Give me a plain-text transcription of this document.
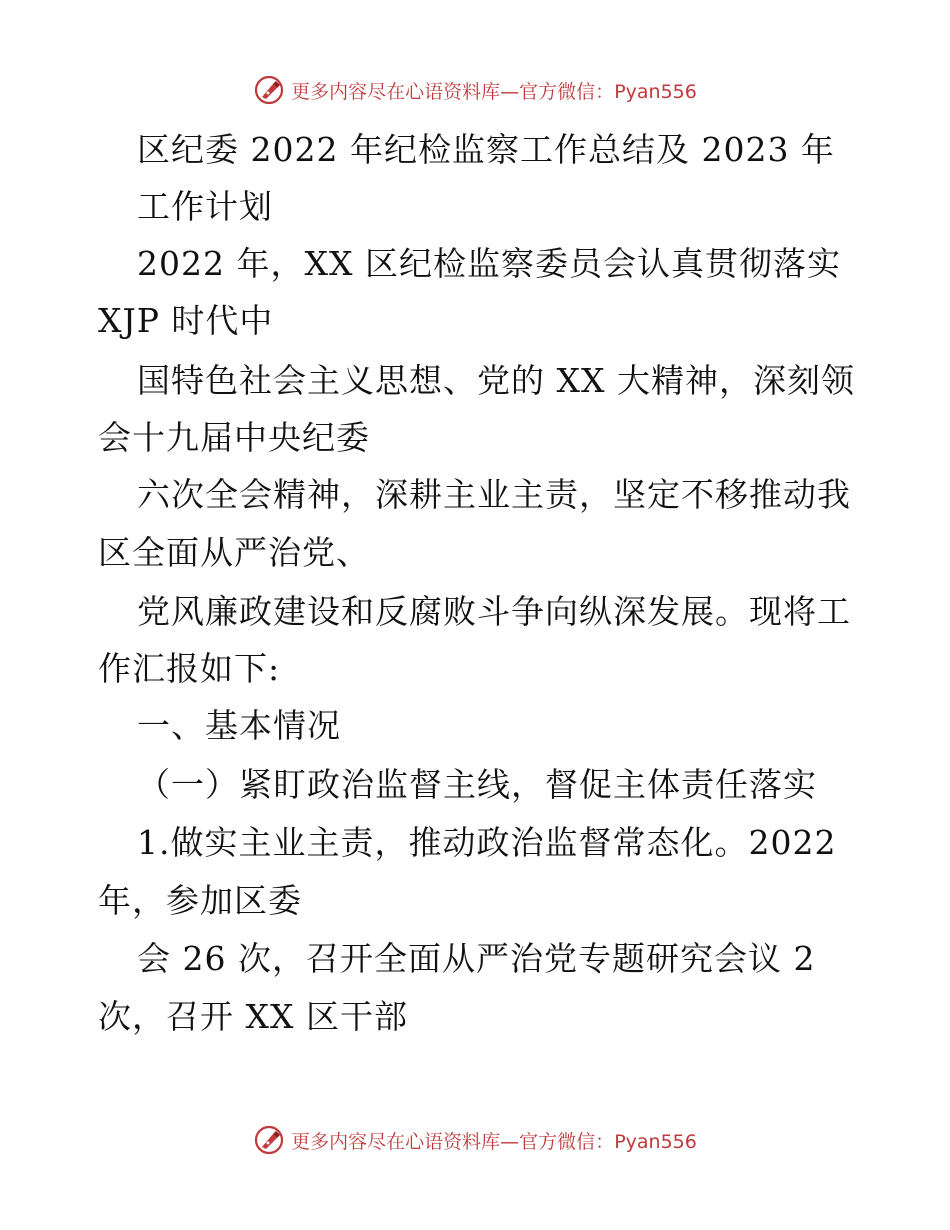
更多内容尽在心语资料库—官方微信：Pyan556
区纪委 2022 年纪检监察工作总结及 2023 年
工作计划
2022 年，XX 区纪检监察委员会认真贯彻落实
XJP 时代中
国特色社会主义思想、党的 XX 大精神，深刻领
会十九届中央纪委
六次全会精神，深耕主业主责，坚定不移推动我
区全面从严治党、
党风廉政建设和反腐败斗争向纵深发展。现将工
作汇报如下:
一、基本情况
（一）紧盯政治监督主线，督促主体责任落实
1.做实主业主责，推动政治监督常态化。2022
年，参加区委
会 26 次，召开全面从严治党专题研究会议 2
次，召开 XX 区干部
更多内容尽在心语资料库—官方微信：Pyan556
